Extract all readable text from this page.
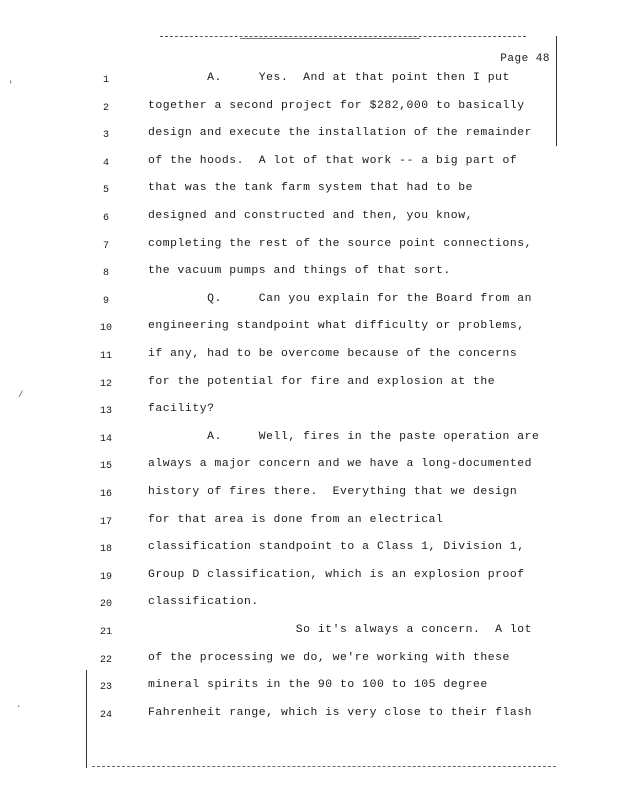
Page 48
'
/
.
1	A.     Yes.  And at that point then I put
2	together a second project for $282,000 to basically
3	design and execute the installation of the remainder
4	of the hoods.  A lot of that work -- a big part of
5	that was the tank farm system that had to be
6	designed and constructed and then, you know,
7	completing the rest of the source point connections,
8	the vacuum pumps and things of that sort.
9	Q.     Can you explain for the Board from an
10	engineering standpoint what difficulty or problems,
11	if any, had to be overcome because of the concerns
12	for the potential for fire and explosion at the
13	facility?
14	A.     Well, fires in the paste operation are
15	always a major concern and we have a long-documented
16	history of fires there.  Everything that we design
17	for that area is done from an electrical
18	classification standpoint to a Class 1, Division 1,
19	Group D classification, which is an explosion proof
20	classification.
21	So it's always a concern.  A lot
22	of the processing we do, we're working with these
23	mineral spirits in the 90 to 100 to 105 degree
24	Fahrenheit range, which is very close to their flash
